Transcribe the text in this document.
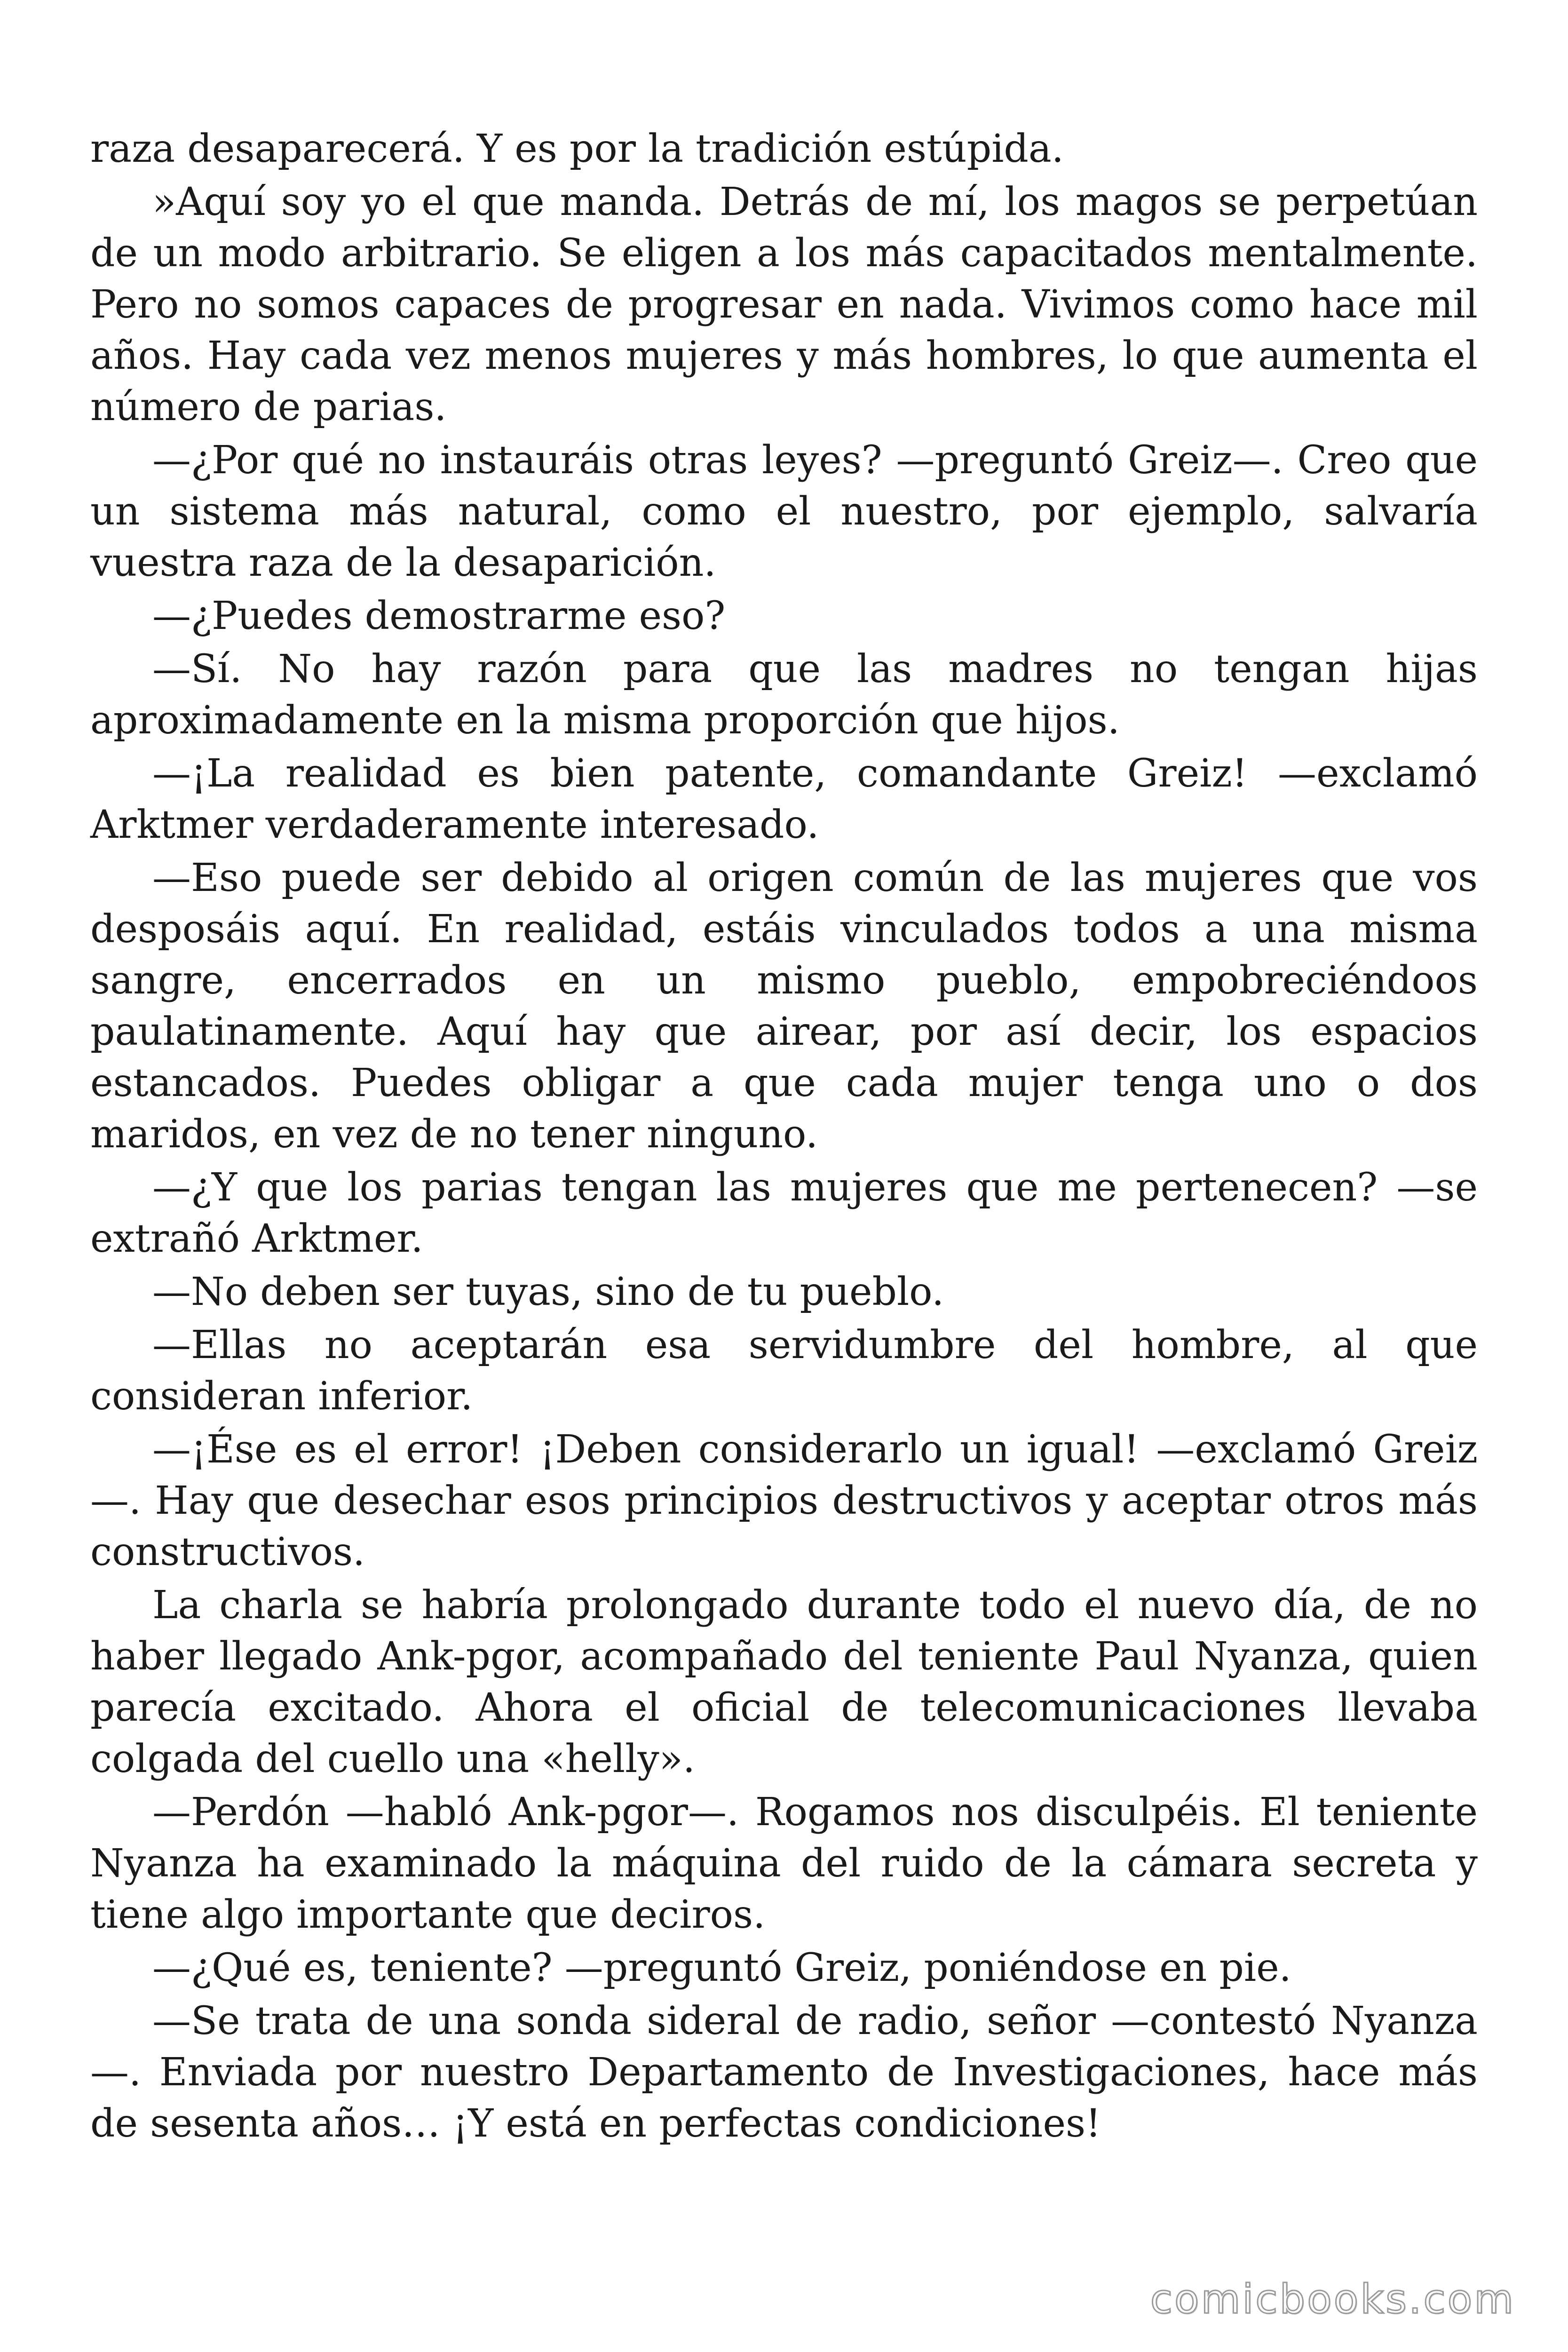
raza desaparecerá. Y es por la tradición estúpida.

»Aquí soy yo el que manda. Detrás de mí, los magos se perpetúan de un modo arbitrario. Se eligen a los más capacitados mentalmente. Pero no somos capaces de progresar en nada. Vivimos como hace mil años. Hay cada vez menos mujeres y más hombres, lo que aumenta el número de parias.

—¿Por qué no instauráis otras leyes? —preguntó Greiz—. Creo que un sistema más natural, como el nuestro, por ejemplo, salvaría vuestra raza de la desaparición.

—¿Puedes demostrarme eso?

—Sí. No hay razón para que las madres no tengan hijas aproximadamente en la misma proporción que hijos.

—¡La realidad es bien patente, comandante Greiz! —exclamó Arktmer verdaderamente interesado.

—Eso puede ser debido al origen común de las mujeres que vos desposáis aquí. En realidad, estáis vinculados todos a una misma sangre, encerrados en un mismo pueblo, empobreciéndoos paulatinamente. Aquí hay que airear, por así decir, los espacios estancados. Puedes obligar a que cada mujer tenga uno o dos maridos, en vez de no tener ninguno.

—¿Y que los parias tengan las mujeres que me pertenecen? —se extrañó Arktmer.

—No deben ser tuyas, sino de tu pueblo.

—Ellas no aceptarán esa servidumbre del hombre, al que consideran inferior.

—¡Ése es el error! ¡Deben considerarlo un igual! —exclamó Greiz—. Hay que desechar esos principios destructivos y aceptar otros más constructivos.

La charla se habría prolongado durante todo el nuevo día, de no haber llegado Ank-pgor, acompañado del teniente Paul Nyanza, quien parecía excitado. Ahora el oficial de telecomunicaciones llevaba colgada del cuello una «helly».

—Perdón —habló Ank-pgor—. Rogamos nos disculpéis. El teniente Nyanza ha examinado la máquina del ruido de la cámara secreta y tiene algo importante que deciros.

—¿Qué es, teniente? —preguntó Greiz, poniéndose en pie.

—Se trata de una sonda sideral de radio, señor —contestó Nyanza—. Enviada por nuestro Departamento de Investigaciones, hace más de sesenta años… ¡Y está en perfectas condiciones!

comicbooks.com
